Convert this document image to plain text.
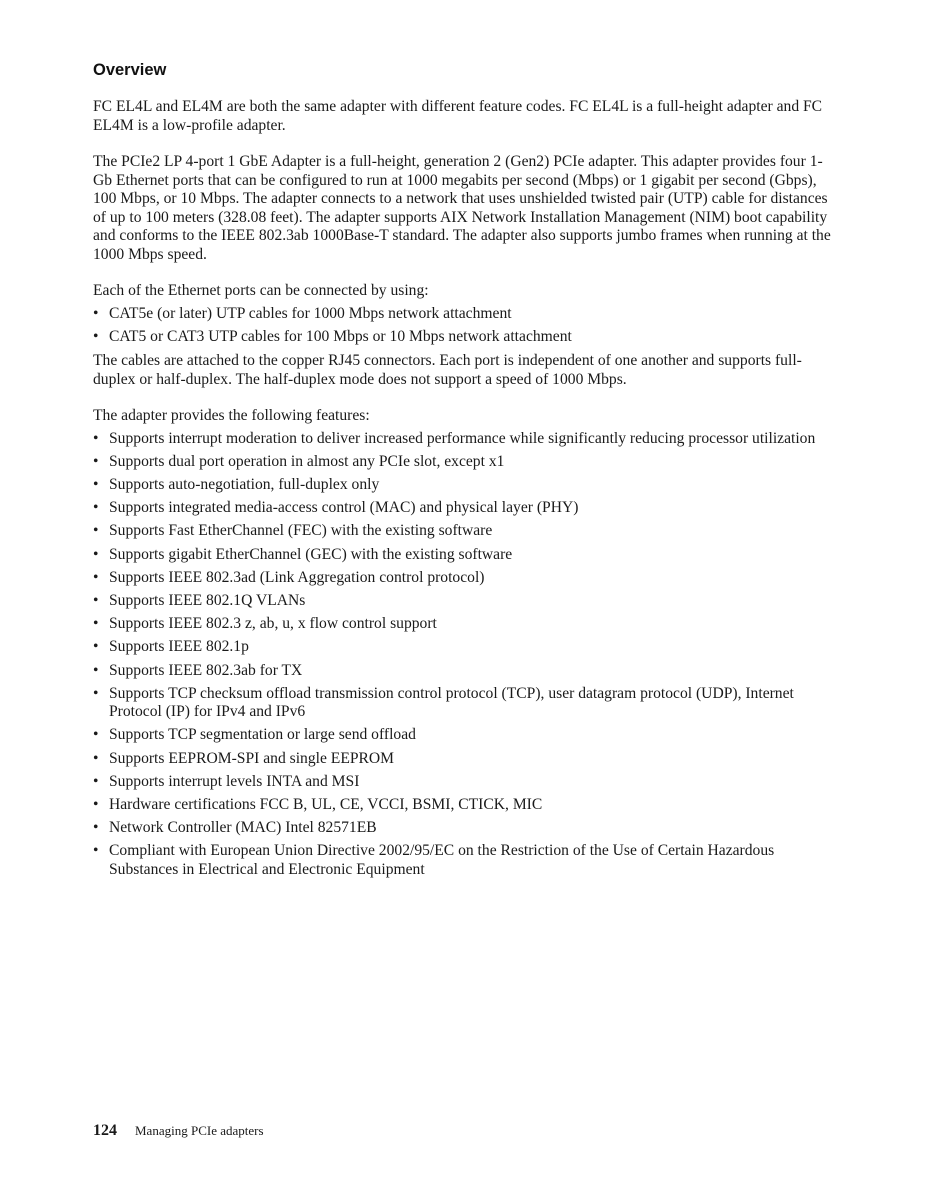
Overview

FC EL4L and EL4M are both the same adapter with different feature codes. FC EL4L is a full-height adapter and FC EL4M is a low-profile adapter.

The PCIe2 LP 4-port 1 GbE Adapter is a full-height, generation 2 (Gen2) PCIe adapter. This adapter provides four 1-Gb Ethernet ports that can be configured to run at 1000 megabits per second (Mbps) or 1 gigabit per second (Gbps), 100 Mbps, or 10 Mbps. The adapter connects to a network that uses unshielded twisted pair (UTP) cable for distances of up to 100 meters (328.08 feet). The adapter supports AIX Network Installation Management (NIM) boot capability and conforms to the IEEE 802.3ab 1000Base-T standard. The adapter also supports jumbo frames when running at the 1000 Mbps speed.

Each of the Ethernet ports can be connected by using:

• CAT5e (or later) UTP cables for 1000 Mbps network attachment
• CAT5 or CAT3 UTP cables for 100 Mbps or 10 Mbps network attachment

The cables are attached to the copper RJ45 connectors. Each port is independent of one another and supports full-duplex or half-duplex. The half-duplex mode does not support a speed of 1000 Mbps.

The adapter provides the following features:

• Supports interrupt moderation to deliver increased performance while significantly reducing processor utilization
• Supports dual port operation in almost any PCIe slot, except x1
• Supports auto-negotiation, full-duplex only
• Supports integrated media-access control (MAC) and physical layer (PHY)
• Supports Fast EtherChannel (FEC) with the existing software
• Supports gigabit EtherChannel (GEC) with the existing software
• Supports IEEE 802.3ad (Link Aggregation control protocol)
• Supports IEEE 802.1Q VLANs
• Supports IEEE 802.3 z, ab, u, x flow control support
• Supports IEEE 802.1p
• Supports IEEE 802.3ab for TX
• Supports TCP checksum offload transmission control protocol (TCP), user datagram protocol (UDP), Internet Protocol (IP) for IPv4 and IPv6
• Supports TCP segmentation or large send offload
• Supports EEPROM-SPI and single EEPROM
• Supports interrupt levels INTA and MSI
• Hardware certifications FCC B, UL, CE, VCCI, BSMI, CTICK, MIC
• Network Controller (MAC) Intel 82571EB
• Compliant with European Union Directive 2002/95/EC on the Restriction of the Use of Certain Hazardous Substances in Electrical and Electronic Equipment
124 Managing PCIe adapters
